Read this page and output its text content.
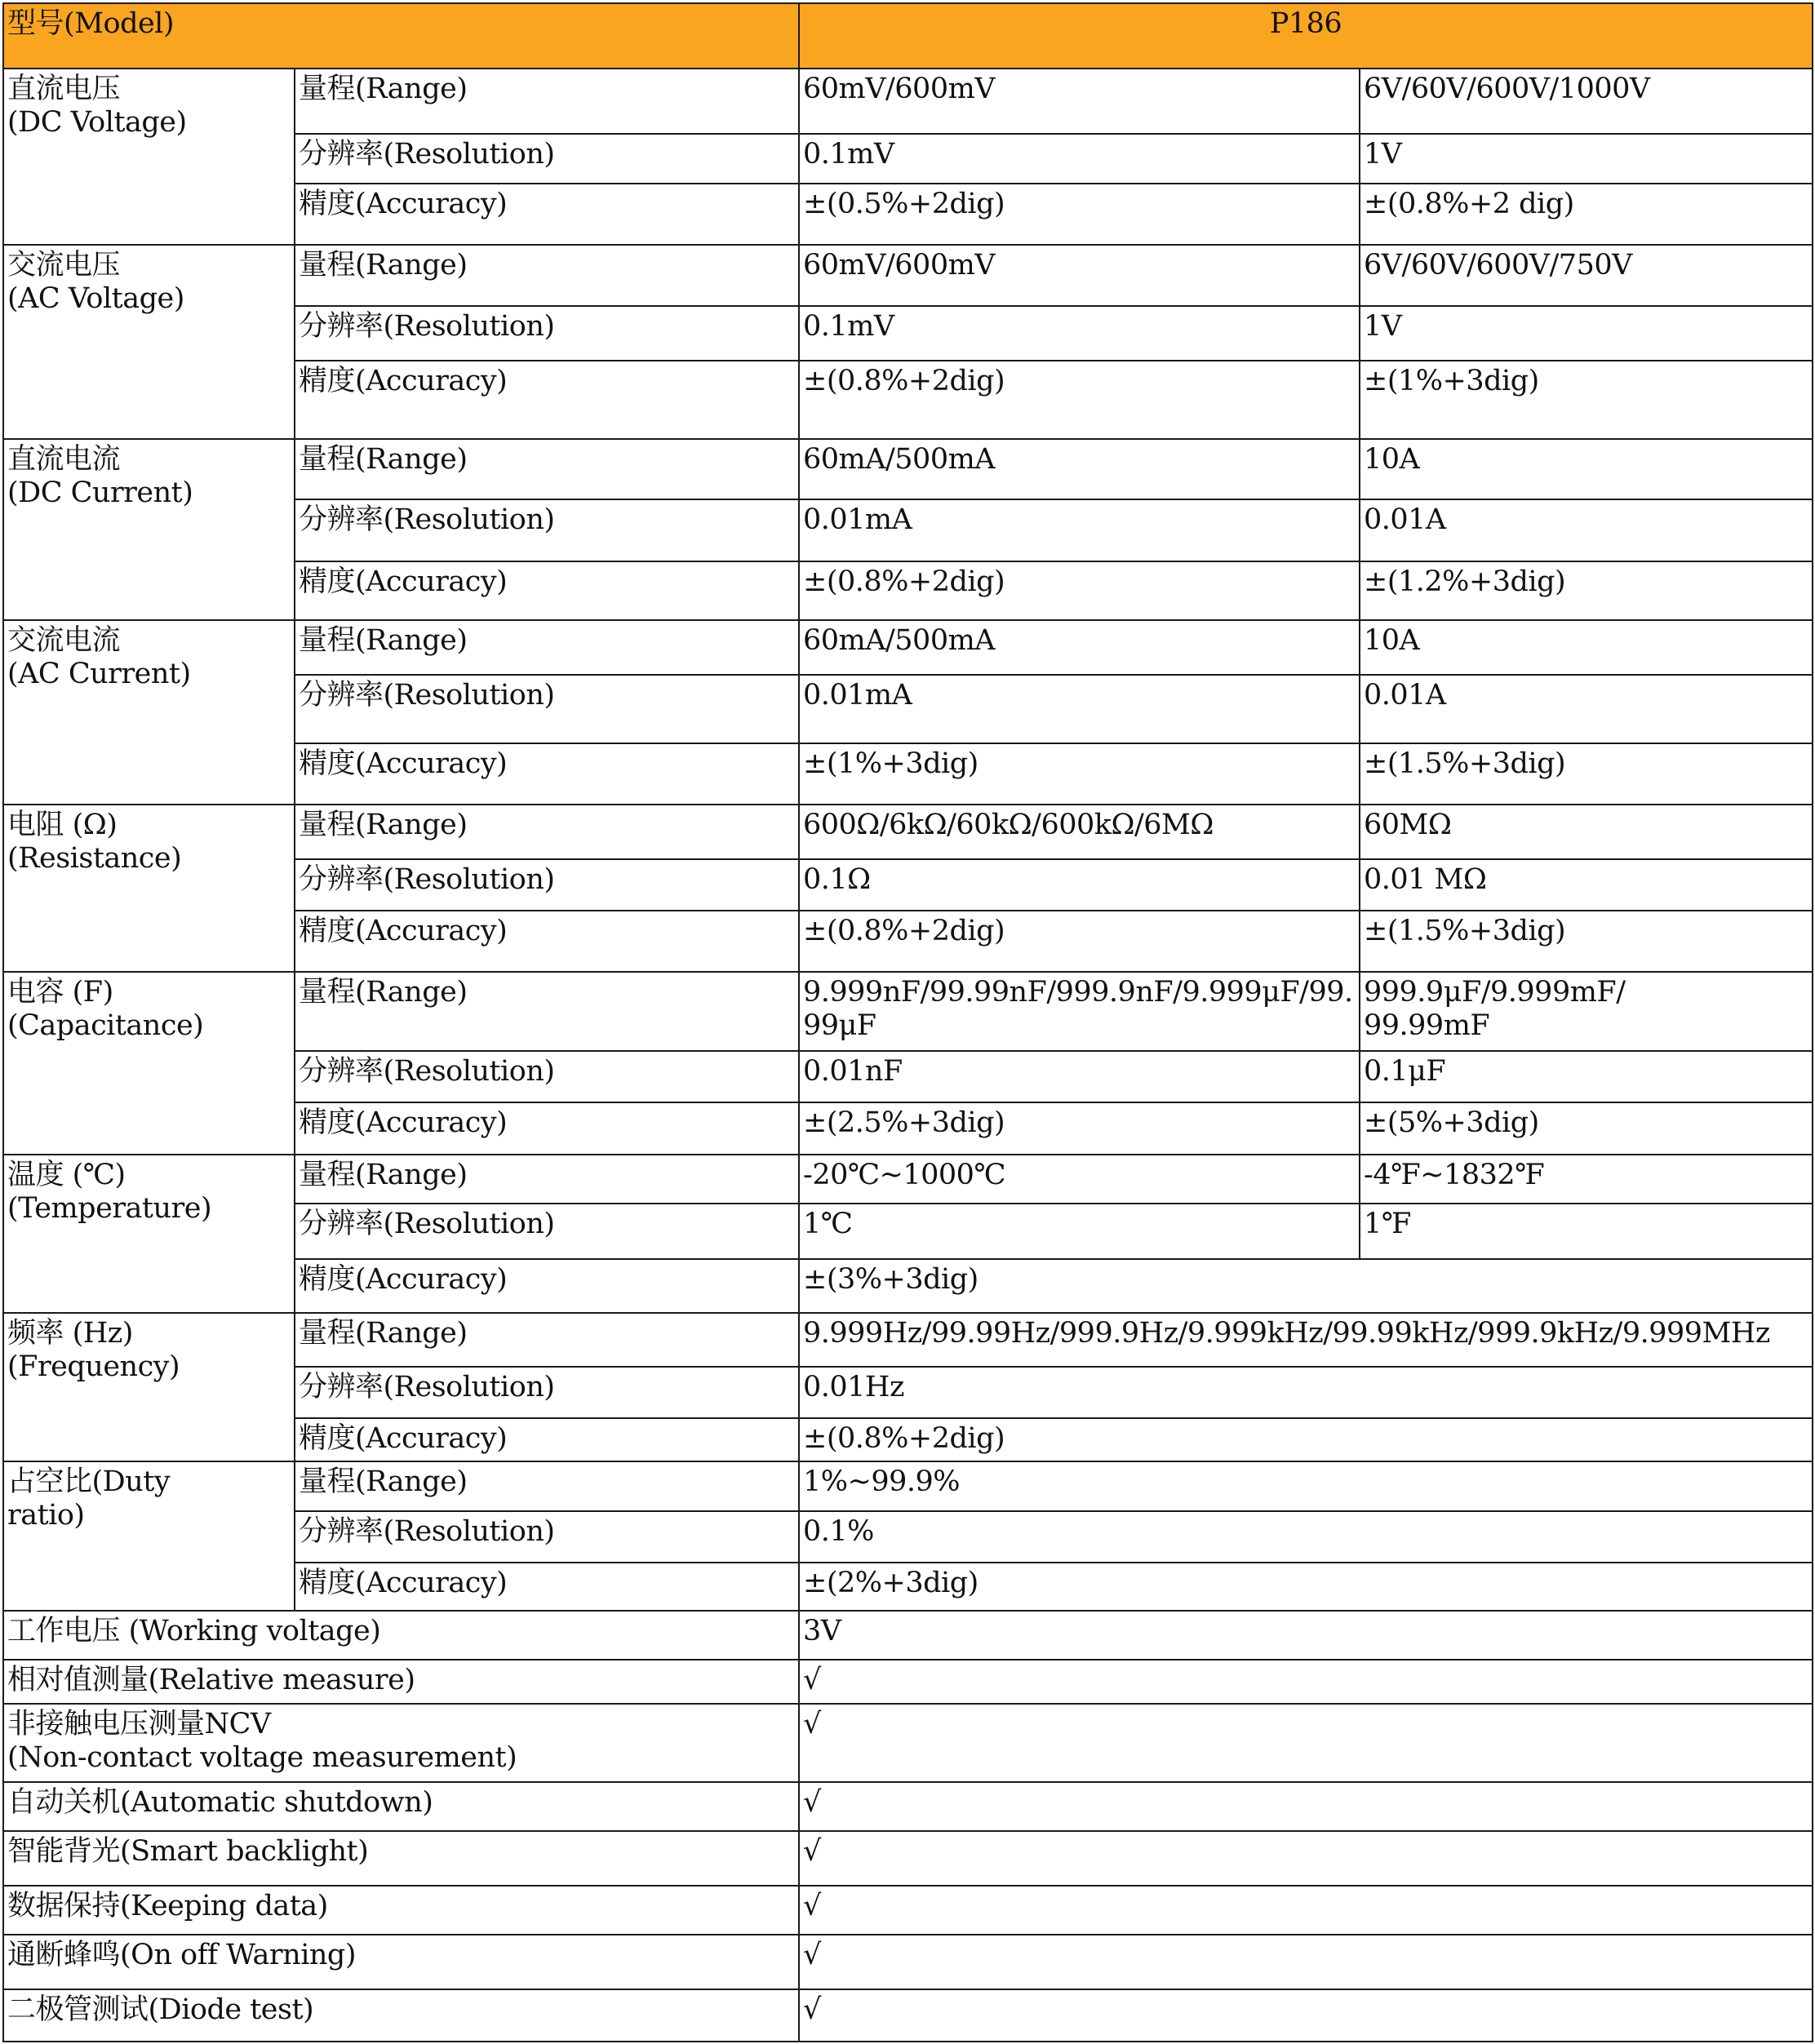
型号(Model)		P186	
直流电压
(DC Voltage)	量程(Range)	60mV/600mV	6V/60V/600V/1000V
	分辨率(Resolution)	0.1mV	1V
	精度(Accuracy)	±(0.5%+2dig)	±(0.8%+2 dig)
交流电压
(AC Voltage)	量程(Range)	60mV/600mV	6V/60V/600V/750V
	分辨率(Resolution)	0.1mV	1V
	精度(Accuracy)	±(0.8%+2dig)	±(1%+3dig)
直流电流
(DC Current)	量程(Range)	60mA/500mA	10A
	分辨率(Resolution)	0.01mA	0.01A
	精度(Accuracy)	±(0.8%+2dig)	±(1.2%+3dig)
交流电流
(AC Current)	量程(Range)	60mA/500mA	10A
	分辨率(Resolution)	0.01mA	0.01A
	精度(Accuracy)	±(1%+3dig)	±(1.5%+3dig)
电阻 (Ω)
(Resistance)	量程(Range)	600Ω/6kΩ/60kΩ/600kΩ/6MΩ	60MΩ
	分辨率(Resolution)	0.1Ω	0.01 MΩ
	精度(Accuracy)	±(0.8%+2dig)	±(1.5%+3dig)
电容 (F)
(Capacitance)	量程(Range)	9.999nF/99.99nF/999.9nF/9.999μF/99.99μF	999.9μF/9.999mF/
99.99mF
	分辨率(Resolution)	0.01nF	0.1μF
	精度(Accuracy)	±(2.5%+3dig)	±(5%+3dig)
温度 (℃)
(Temperature)	量程(Range)	-20℃~1000℃	-4℉~1832℉
	分辨率(Resolution)	1℃	1℉
	精度(Accuracy)	±(3%+3dig)	
频率 (Hz)
(Frequency)	量程(Range)	9.999Hz/99.99Hz/999.9Hz/9.999kHz/99.99kHz/999.9kHz/9.999MHz	
	分辨率(Resolution)	0.01Hz	
	精度(Accuracy)	±(0.8%+2dig)	
占空比(Duty
ratio)	量程(Range)	1%~99.9%	
	分辨率(Resolution)	0.1%	
	精度(Accuracy)	±(2%+3dig)	
工作电压 (Working voltage)		3V	
相对值测量(Relative measure)		√	
非接触电压测量NCV
(Non-contact voltage measurement)		√	
自动关机(Automatic shutdown)		√	
智能背光(Smart backlight)		√	
数据保持(Keeping data)		√	
通断蜂鸣(On off Warning)		√	
二极管测试(Diode test)		√	
